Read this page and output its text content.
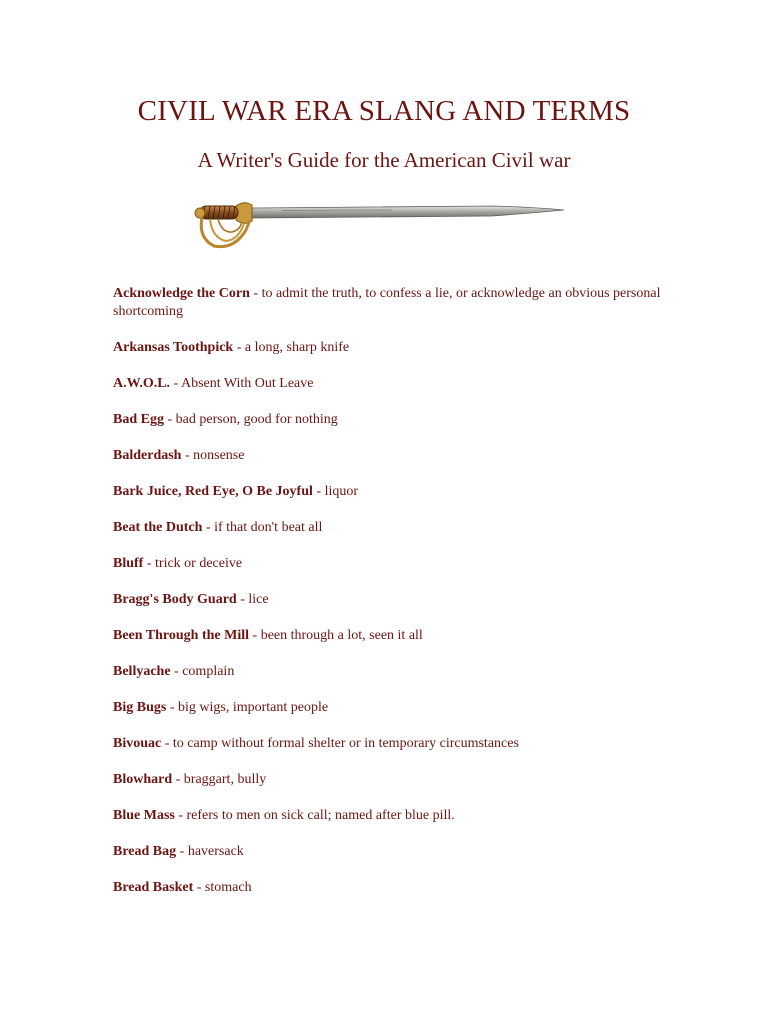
CIVIL WAR ERA SLANG AND TERMS
A Writer's Guide for the American Civil war
Acknowledge the Corn - to admit the truth, to confess a lie, or acknowledge an obvious personal shortcoming
Arkansas Toothpick - a long, sharp knife
A.W.O.L. - Absent With Out Leave
Bad Egg - bad person, good for nothing
Balderdash - nonsense
Bark Juice, Red Eye, O Be Joyful - liquor
Beat the Dutch - if that don't beat all
Bluff - trick or deceive
Bragg's Body Guard - lice
Been Through the Mill - been through a lot, seen it all
Bellyache - complain
Big Bugs - big wigs, important people
Bivouac - to camp without formal shelter or in temporary circumstances
Blowhard - braggart, bully
Blue Mass - refers to men on sick call; named after blue pill.
Bread Bag - haversack
Bread Basket - stomach
